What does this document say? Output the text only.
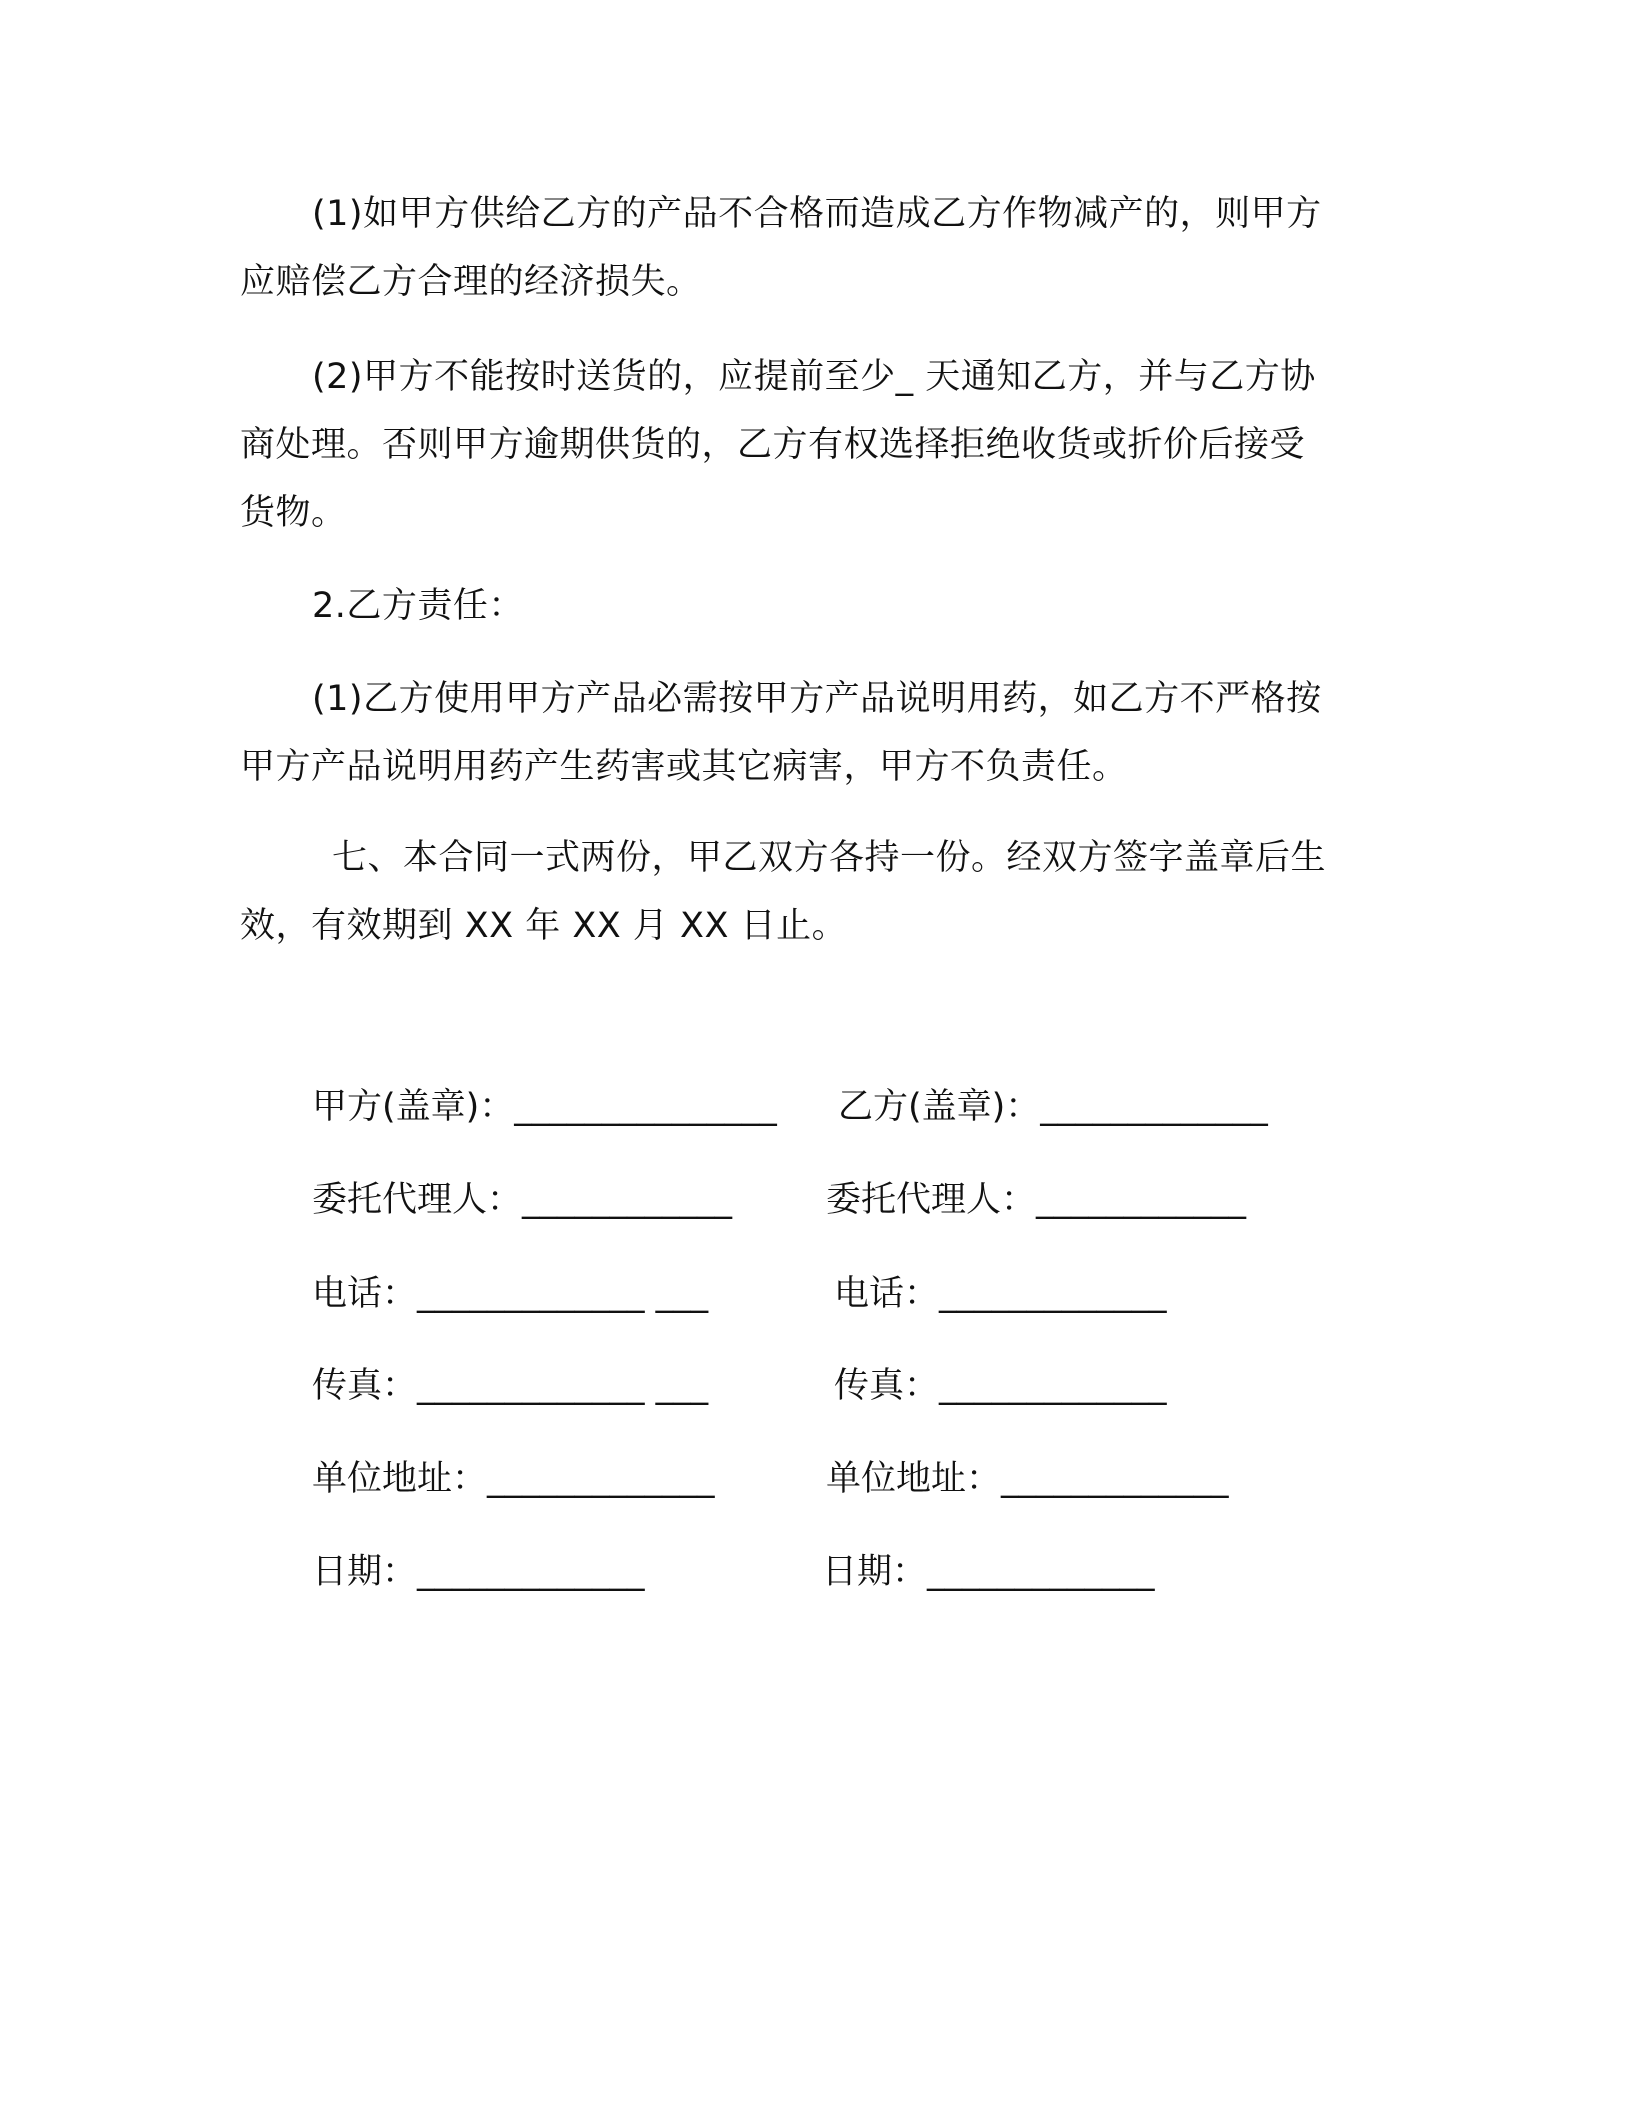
(1)如甲方供给乙方的产品不合格而造成乙方作物减产的，则甲方
应赔偿乙方合理的经济损失。

(2)甲方不能按时送货的，应提前至少_ 天通知乙方，并与乙方协
商处理。否则甲方逾期供货的，乙方有权选择拒绝收货或折价后接受
货物。

2.乙方责任：

(1)乙方使用甲方产品必需按甲方产品说明用药，如乙方不严格按
甲方产品说明用药产生药害或其它病害，甲方不负责任。

七、本合同一式两份，甲乙双方各持一份。经双方签字盖章后生
效，有效期到 XX 年 XX 月 XX 日止。

甲方(盖章)：_______________
委托代理人：____________
电话：_____________ ___
传真：_____________ ___
单位地址：_____________
日期：_____________
乙方(盖章)：_____________
委托代理人：____________
电话：_____________
传真：_____________
单位地址：_____________
日期：_____________
